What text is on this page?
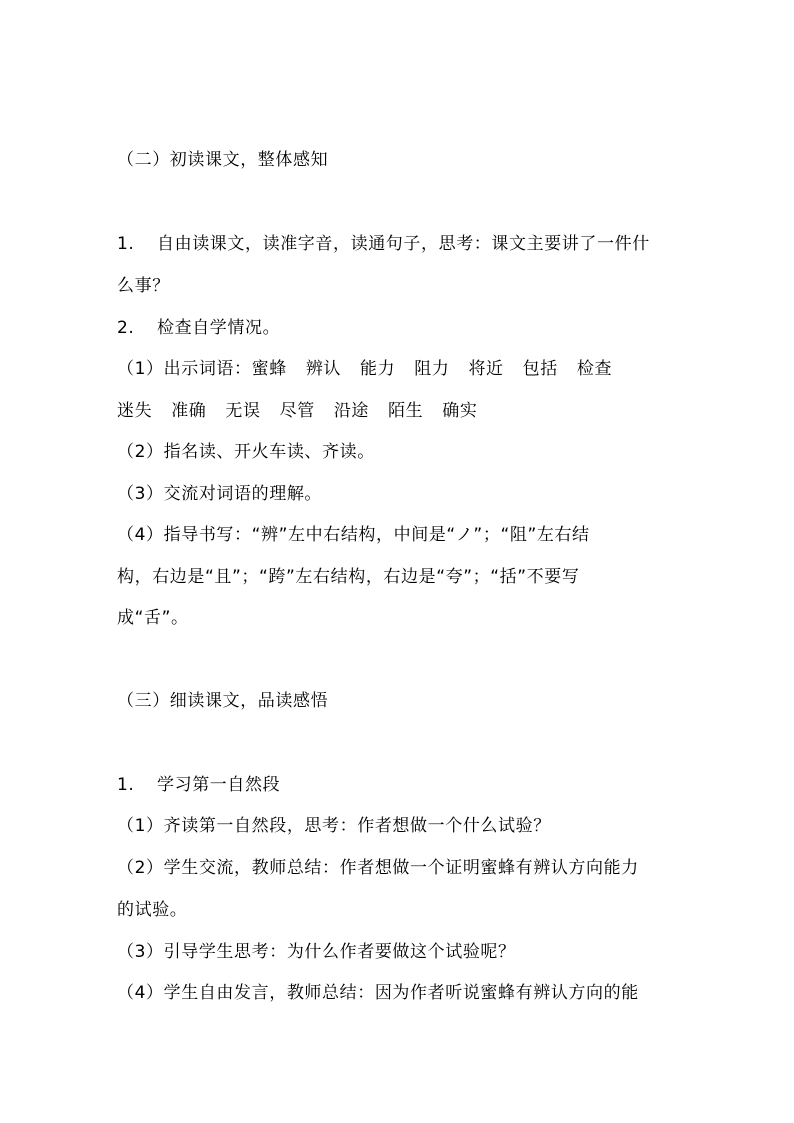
（二）初读课文，整体感知
1. 自由读课文，读准字音，读通句子，思考：课文主要讲了一件什
么事？
2. 检查自学情况。
（1）出示词语：蜜蜂 辨认 能力 阻力 将近 包括 检查
迷失 准确 无误 尽管 沿途 陌生 确实
（2）指名读、开火车读、齐读。
（3）交流对词语的理解。
（4）指导书写：“辨”左中右结构，中间是“ノ”；“阻”左右结
构，右边是“且”；“跨”左右结构，右边是“夸”；“括”不要写
成“舌”。
（三）细读课文，品读感悟
1. 学习第一自然段
（1）齐读第一自然段，思考：作者想做一个什么试验？
（2）学生交流，教师总结：作者想做一个证明蜜蜂有辨认方向能力
的试验。
（3）引导学生思考：为什么作者要做这个试验呢？
（4）学生自由发言，教师总结：因为作者听说蜜蜂有辨认方向的能
